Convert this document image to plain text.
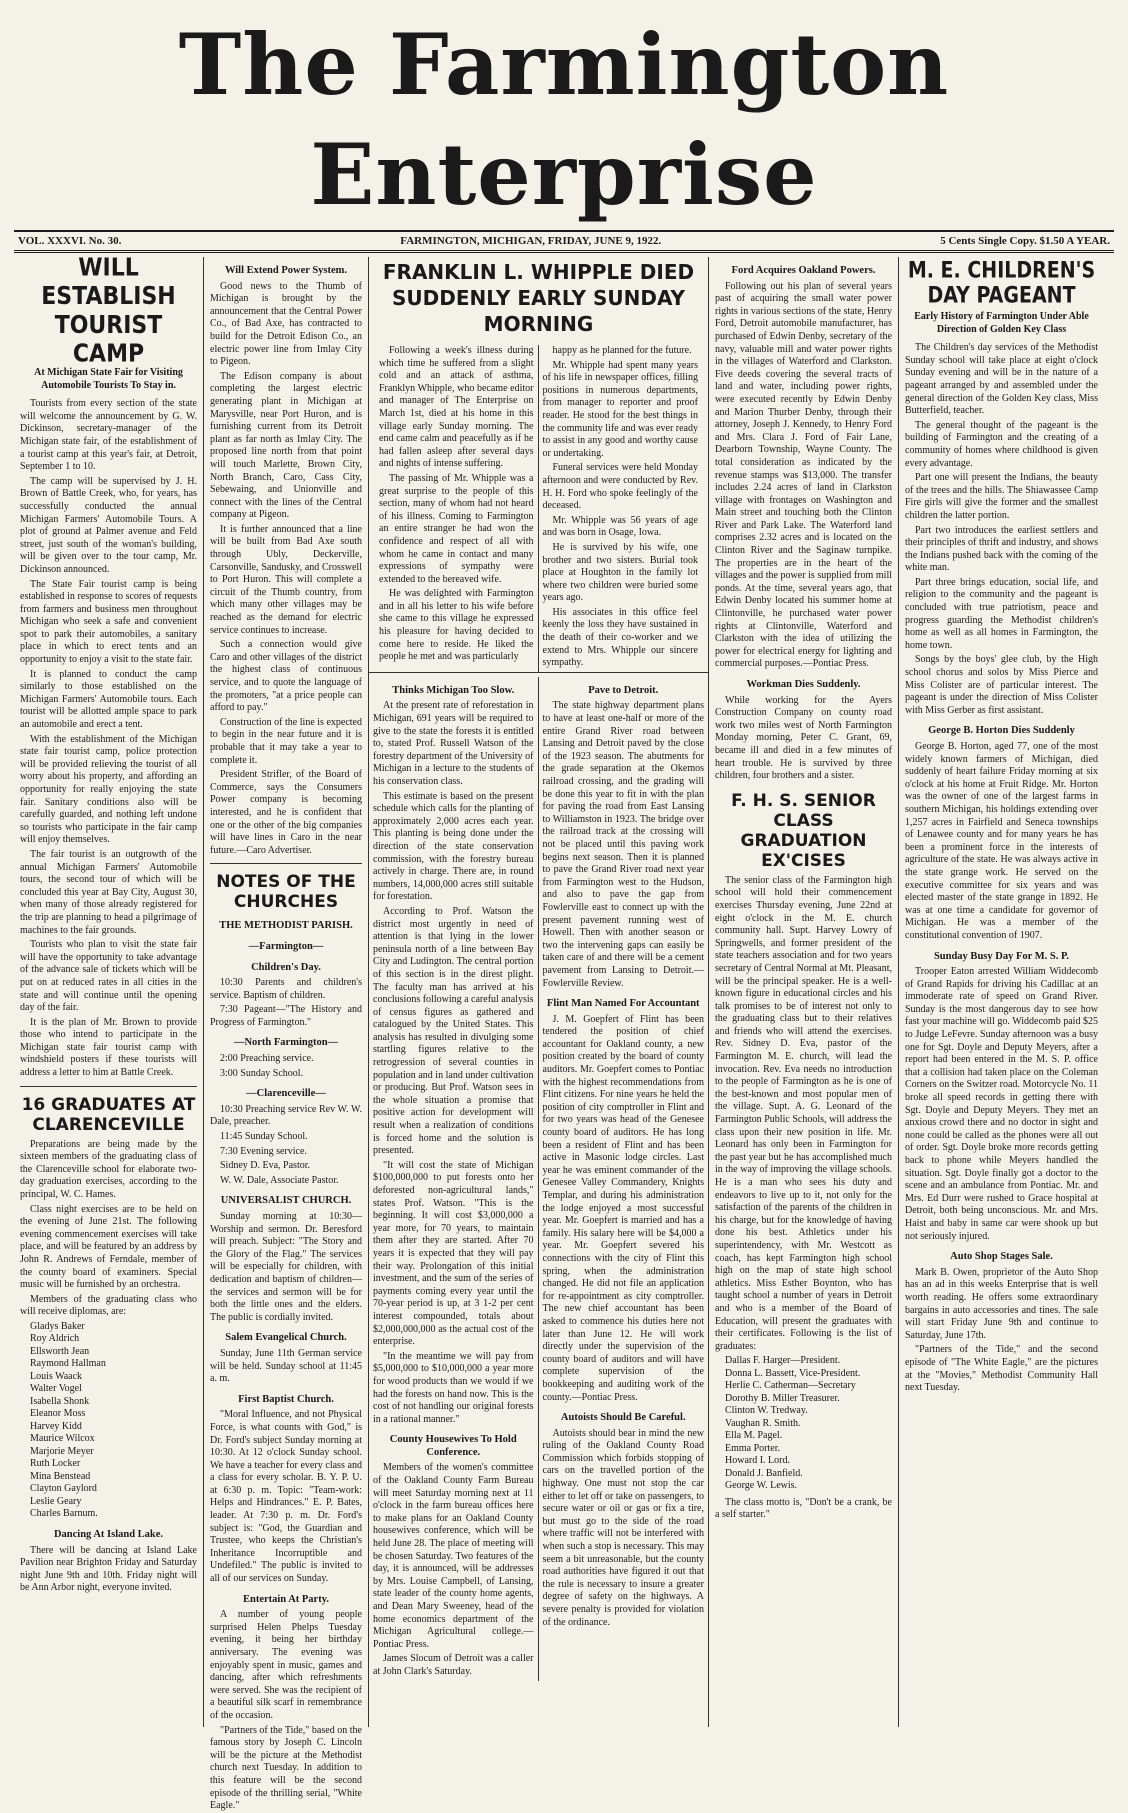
The Farmington Enterprise
VOL. XXXVI. No. 30.	FARMINGTON, MICHIGAN, FRIDAY, JUNE 9, 1922.	5 Cents Single Copy. $1.50 A YEAR.
WILL ESTABLISH TOURIST CAMP
At Michigan State Fair for Visiting Automobile Tourists To Stay in.

Tourists from every section of the state will welcome the announcement by G. W. Dickinson, secretary-manager of the Michigan state fair, of the establishment of a tourist camp at this year's fair, at Detroit, September 1 to 10.

The camp will be supervised by J. H. Brown of Battle Creek, who, for years, has successfully conducted the annual Michigan Farmers' Automobile Tours. A plot of ground at Palmer avenue and Feld street, just south of the woman's building, will be given over to the tour camp, Mr. Dickinson announced.

The State Fair tourist camp is being established in response to scores of requests from farmers and business men throughout Michigan who seek a safe and convenient spot to park their automobiles, a sanitary place in which to erect tents and an opportunity to enjoy a visit to the state fair.

It is planned to conduct the camp similarly to those established on the Michigan Farmers' Automobile tours. Each tourist will be allotted ample space to park an automobile and erect a tent.

With the establishment of the Michigan state fair tourist camp, police protection will be provided relieving the tourist of all worry about his property, and affording an opportunity for really enjoying the state fair. Sanitary conditions also will be carefully guarded, and nothing left undone so tourists who participate in the fair camp will enjoy themselves.

The fair tourist is an outgrowth of the annual Michigan Farmers' Automobile tours, the second tour of which will be concluded this year at Bay City, August 30, when many of those already registered for the trip are planning to head a pilgrimage of machines to the fair grounds.

Tourists who plan to visit the state fair will have the opportunity to take advantage of the advance sale of tickets which will be put on at reduced rates in all cities in the state and will continue until the opening day of the fair.

It is the plan of Mr. Brown to provide those who intend to participate in the Michigan state fair tourist camp with windshield posters if these tourists will address a letter to him at Battle Creek.

16 GRADUATES AT CLARENCEVILLE

Preparations are being made by the sixteen members of the graduating class of the Clarenceville school for elaborate two-day graduation exercises, according to the principal, W. C. Hames.

Class night exercises are to be held on the evening of June 21st. The following evening commencement exercises will take place, and will be featured by an address by John R. Andrews of Ferndale, member of the county board of examiners. Special music will be furnished by an orchestra.

Members of the graduating class who will receive diplomas, are:

Gladys Baker
Roy Aldrich
Ellsworth Jean
Raymond Hallman
Louis Waack
Walter Vogel
Isabella Shonk
Eleanor Moss
Harvey Kidd
Maurice Wilcox
Marjorie Meyer
Ruth Locker
Mina Benstead
Clayton Gaylord
Leslie Geary
Charles Barnum.
Dancing At Island Lake.

There will be dancing at Island Lake Pavilion near Brighton Friday and Saturday night June 9th and 10th. Friday night will be Ann Arbor night, everyone invited.

Will Extend Power System.

Good news to the Thumb of Michigan is brought by the announcement that the Central Power Co., of Bad Axe, has contracted to build for the Detroit Edison Co., an electric power line from Imlay City to Pigeon.

The Edison company is about completing the largest electric generating plant in Michigan at Marysville, near Port Huron, and is furnishing current from its Detroit plant as far north as Imlay City. The proposed line north from that point will touch Marlette, Brown City, North Branch, Caro, Cass City, Sebewaing, and Unionville and connect with the lines of the Central company at Pigeon.

It is further announced that a line will be built from Bad Axe south through Ubly, Deckerville, Carsonville, Sandusky, and Crosswell to Port Huron. This will complete a circuit of the Thumb country, from which many other villages may be reached as the demand for electric service continues to increase.

Such a connection would give Caro and other villages of the district the highest class of continuous service, and to quote the language of the promoters, "at a price people can afford to pay."

Construction of the line is expected to begin in the near future and it is probable that it may take a year to complete it.

President Strifler, of the Board of Commerce, says the Consumers Power company is becoming interested, and he is confident that one or the other of the big companies will have lines in Caro in the near future.—Caro Advertiser.

NOTES OF THE CHURCHES
THE METHODIST PARISH.
—Farmington—
Children's Day.

10:30 Parents and children's service. Baptism of children.

7:30 Pageant—"The History and Progress of Farmington."

—North Farmington—

2:00 Preaching service.

3:00 Sunday School.

—Clarenceville—

10:30 Preaching service Rev W. W. Dale, preacher.

11:45 Sunday School.

7:30 Evening service.

Sidney D. Eva, Pastor.

W. W. Dale, Associate Pastor.

UNIVERSALIST CHURCH.

Sunday morning at 10:30—Worship and sermon. Dr. Beresford will preach. Subject: "The Story and the Glory of the Flag." The services will be especially for children, with dedication and baptism of children—the services and sermon will be for both the little ones and the elders. The public is cordially invited.

Salem Evangelical Church.

Sunday, June 11th German service will be held. Sunday school at 11:45 a. m.

First Baptist Church.

"Moral Influence, and not Physical Force, is what counts with God," is Dr. Ford's subject Sunday morning at 10:30. At 12 o'clock Sunday school. We have a teacher for every class and a class for every scholar. B. Y. P. U. at 6:30 p. m. Topic: "Team-work: Helps and Hindrances." E. P. Bates, leader. At 7:30 p. m. Dr. Ford's subject is: "God, the Guardian and Trustee, who keeps the Christian's Inheritance Incorruptible and Undefiled." The public is invited to all of our services on Sunday.

Entertain At Party.

A number of young people surprised Helen Phelps Tuesday evening, it being her birthday anniversary. The evening was enjoyably spent in music, games and dancing, after which refreshments were served. She was the recipient of a beautiful silk scarf in remembrance of the occasion.

"Partners of the Tide," based on the famous story by Joseph C. Lincoln will be the picture at the Methodist church next Tuesday. In addition to this feature will be the second episode of the thrilling serial, "White Eagle."

FRANKLIN L. WHIPPLE DIED SUDDENLY EARLY SUNDAY MORNING

Following a week's illness during which time he suffered from a slight cold and an attack of asthma, Franklyn Whipple, who became editor and manager of The Enterprise on March 1st, died at his home in this village early Sunday morning. The end came calm and peacefully as if he had fallen asleep after several days and nights of intense suffering.

The passing of Mr. Whipple was a great surprise to the people of this section, many of whom had not heard of his illness. Coming to Farmington an entire stranger he had won the confidence and respect of all with whom he came in contact and many expressions of sympathy were extended to the bereaved wife.

He was delighted with Farmington and in all his letter to his wife before she came to this village he expressed his pleasure for having decided to come here to reside. He liked the people he met and was particularly

happy as he planned for the future.

Mr. Whipple had spent many years of his life in newspaper offices, filling positions in numerous departments, from manager to reporter and proof reader. He stood for the best things in the community life and was ever ready to assist in any good and worthy cause or undertaking.

Funeral services were held Monday afternoon and were conducted by Rev. H. H. Ford who spoke feelingly of the deceased.

Mr. Whipple was 56 years of age and was born in Osage, Iowa.

He is survived by his wife, one brother and two sisters. Burial took place at Houghton in the family lot where two children were buried some years ago.

His associates in this office feel keenly the loss they have sustained in the death of their co-worker and we extend to Mrs. Whipple our sincere sympathy.

Thinks Michigan Too Slow.

At the present rate of reforestation in Michigan, 691 years will be required to give to the state the forests it is entitled to, stated Prof. Russell Watson of the forestry department of the University of Michigan in a lecture to the students of his conservation class.

This estimate is based on the present schedule which calls for the planting of approximately 2,000 acres each year. This planting is being done under the direction of the state conservation commission, with the forestry bureau actively in charge. There are, in round numbers, 14,000,000 acres still suitable for forestation.

According to Prof. Watson the district most urgently in need of attention is that lying in the lower peninsula north of a line between Bay City and Ludington. The central portion of this section is in the direst plight. The faculty man has arrived at his conclusions following a careful analysis of census figures as gathered and catalogued by the United States. This analysis has resulted in divulging some startling figures relative to the retrogression of several counties in population and in land under cultivation or producing. But Prof. Watson sees in the whole situation a promise that positive action for development will result when a realization of conditions is forced home and the solution is presented.

"It will cost the state of Michigan $100,000,000 to put forests onto her deforested non-agricultural lands," states Prof. Watson. "This is the beginning. It will cost $3,000,000 a year more, for 70 years, to maintain them after they are started. After 70 years it is expected that they will pay their way. Prolongation of this initial investment, and the sum of the series of payments coming every year until the 70-year period is up, at 3 1-2 per cent interest compounded, totals about $2,000,000,000 as the actual cost of the enterprise.

"In the meantime we will pay from $5,000,000 to $10,000,000 a year more for wood products than we would if we had the forests on hand now. This is the cost of not handling our original forests in a rational manner."

County Housewives To Hold Conference.

Members of the women's committee of the Oakland County Farm Bureau will meet Saturday morning next at 11 o'clock in the farm bureau offices here to make plans for an Oakland County housewives conference, which will be held June 28. The place of meeting will be chosen Saturday. Two features of the day, it is announced, will be addresses by Mrs. Louise Campbell, of Lansing, state leader of the county home agents, and Dean Mary Sweeney, head of the home economics department of the Michigan Agricultural college.—Pontiac Press.

James Slocum of Detroit was a caller at John Clark's Saturday.

Pave to Detroit.

The state highway department plans to have at least one-half or more of the entire Grand River road between Lansing and Detroit paved by the close of the 1923 season. The abutments for the grade separation at the Okemos railroad crossing, and the grading will be done this year to fit in with the plan for paving the road from East Lansing to Williamston in 1923. The bridge over the railroad track at the crossing will not be placed until this paving work begins next season. Then it is planned to pave the Grand River road next year from Farmington west to the Hudson, and also to pave the gap from Fowlerville east to connect up with the present pavement running west of Howell. Then with another season or two the intervening gaps can easily be taken care of and there will be a cement pavement from Lansing to Detroit.—Fowlerville Review.

Flint Man Named For Accountant

J. M. Goepfert of Flint has been tendered the position of chief accountant for Oakland county, a new position created by the board of county auditors. Mr. Goepfert comes to Pontiac with the highest recommendations from Flint citizens. For nine years he held the position of city comptroller in Flint and for two years was head of the Genesee county board of auditors. He has long been a resident of Flint and has been active in Masonic lodge circles. Last year he was eminent commander of the Genesee Valley Commandery, Knights Templar, and during his administration the lodge enjoyed a most successful year. Mr. Goepfert is married and has a family. His salary here will be $4,000 a year. Mr. Goepfert severed his connections with the city of Flint this spring, when the administration changed. He did not file an application for re-appointment as city comptroller. The new chief accountant has been asked to commence his duties here not later than June 12. He will work directly under the supervision of the county board of auditors and will have complete supervision of the bookkeeping and auditing work of the county.—Pontiac Press.

Autoists Should Be Careful.

Autoists should bear in mind the new ruling of the Oakland County Road Commission which forbids stopping of cars on the travelled portion of the highway. One must not stop the car either to let off or take on passengers, to secure water or oil or gas or fix a tire, but must go to the side of the road where traffic will not be interfered with when such a stop is necessary. This may seem a bit unreasonable, but the county road authorities have figured it out that the rule is necessary to insure a greater degree of safety on the highways. A severe penalty is provided for violation of the ordinance.

Ford Acquires Oakland Powers.

Following out his plan of several years past of acquiring the small water power rights in various sections of the state, Henry Ford, Detroit automobile manufacturer, has purchased of Edwin Denby, secretary of the navy, valuable mill and water power rights in the villages of Waterford and Clarkston. Five deeds covering the several tracts of land and water, including power rights, were executed recently by Edwin Denby and Marion Thurber Denby, through their attorney, Joseph J. Kennedy, to Henry Ford and Mrs. Clara J. Ford of Fair Lane, Dearborn Township, Wayne County. The total consideration as indicated by the revenue stamps was $13,000. The transfer includes 2.24 acres of land in Clarkston village with frontages on Washington and Main street and touching both the Clinton River and Park Lake. The Waterford land comprises 2.32 acres and is located on the Clinton River and the Saginaw turnpike. The properties are in the heart of the villages and the power is supplied from mill ponds. At the time, several years ago, that Edwin Denby located his summer home at Clintonville, he purchased water power rights at Clintonville, Waterford and Clarkston with the idea of utilizing the power for electrical energy for lighting and commercial purposes.—Pontiac Press.

Workman Dies Suddenly.

While working for the Ayers Construction Company on county road work two miles west of North Farmington Monday morning, Peter C. Grant, 69, became ill and died in a few minutes of heart trouble. He is survived by three children, four brothers and a sister.

F. H. S. SENIOR CLASS GRADUATION EX'CISES

The senior class of the Farmington high school will hold their commencement exercises Thursday evening, June 22nd at eight o'clock in the M. E. church community hall. Supt. Harvey Lowry of Springwells, and former president of the state teachers association and for two years secretary of Central Normal at Mt. Pleasant, will be the principal speaker. He is a well-known figure in educational circles and his talk promises to be of interest not only to the graduating class but to their relatives and friends who will attend the exercises. Rev. Sidney D. Eva, pastor of the Farmington M. E. church, will lead the invocation. Rev. Eva needs no introduction to the people of Farmington as he is one of the best-known and most popular men of the village. Supt. A. G. Leonard of the Farmington Public Schools, will address the class upon their new position in life. Mr. Leonard has only been in Farmington for the past year but he has accomplished much in the way of improving the village schools. He is a man who sees his duty and endeavors to live up to it, not only for the satisfaction of the parents of the children in his charge, but for the knowledge of having done his best. Athletics under his superintendency, with Mr. Westcott as coach, has kept Farmington high school high on the map of state high school athletics. Miss Esther Boynton, who has taught school a number of years in Detroit and who is a member of the Board of Education, will present the graduates with their certificates. Following is the list of graduates:

Dallas F. Harger—President.
Donna L. Bassett, Vice-President.
Herlie C. Catherman—Secretary
Dorothy B. Miller Treasurer.
Clinton W. Tredway.
Vaughan R. Smith.
Ella M. Pagel.
Emma Porter.
Howard I. Lord.
Donald J. Banfield.
George W. Lewis.

The class motto is, "Don't be a crank, be a self starter."

M. E. CHILDREN'S DAY PAGEANT
Early History of Farmington Under Able Direction of Golden Key Class

The Children's day services of the Methodist Sunday school will take place at eight o'clock Sunday evening and will be in the nature of a pageant arranged by and assembled under the general direction of the Golden Key class, Miss Butterfield, teacher.

The general thought of the pageant is the building of Farmington and the creating of a community of homes where childhood is given every advantage.

Part one will present the Indians, the beauty of the trees and the hills. The Shiawassee Camp Fire girls will give the former and the smallest children the latter portion.

Part two introduces the earliest settlers and their principles of thrift and industry, and shows the Indians pushed back with the coming of the white man.

Part three brings education, social life, and religion to the community and the pageant is concluded with true patriotism, peace and progress guarding the Methodist children's home as well as all homes in Farmington, the home town.

Songs by the boys' glee club, by the High school chorus and solos by Miss Pierce and Miss Colister are of particular interest. The pageant is under the direction of Miss Colister with Miss Gerber as first assistant.

George B. Horton Dies Suddenly

George B. Horton, aged 77, one of the most widely known farmers of Michigan, died suddenly of heart failure Friday morning at six o'clock at his home at Fruit Ridge. Mr. Horton was the owner of one of the largest farms in southern Michigan, his holdings extending over 1,257 acres in Fairfield and Seneca townships of Lenawee county and for many years he has been a prominent force in the interests of agriculture of the state. He was always active in the state grange work. He served on the executive committee for six years and was elected master of the state grange in 1892. He was at one time a candidate for governor of Michigan. He was a member of the constitutional convention of 1907.

Sunday Busy Day For M. S. P.

Trooper Eaton arrested William Widdecomb of Grand Rapids for driving his Cadillac at an immoderate rate of speed on Grand River. Sunday is the most dangerous day to see how fast your machine will go. Widdecomb paid $25 to Judge LeFevre. Sunday afternoon was a busy one for Sgt. Doyle and Deputy Meyers, after a report had been entered in the M. S. P. office that a collision had taken place on the Coleman Corners on the Switzer road. Motorcycle No. 11 broke all speed records in getting there with Sgt. Doyle and Deputy Meyers. They met an anxious crowd there and no doctor in sight and none could be called as the phones were all out of order. Sgt. Doyle broke more records getting back to phone while Meyers handled the situation. Sgt. Doyle finally got a doctor to the scene and an ambulance from Pontiac. Mr. and Mrs. Ed Durr were rushed to Grace hospital at Detroit, both being unconscious. Mr. and Mrs. Haist and baby in same car were shook up but not seriously injured.

Auto Shop Stages Sale.

Mark B. Owen, proprietor of the Auto Shop has an ad in this weeks Enterprise that is well worth reading. He offers some extraordinary bargains in auto accessories and tines. The sale will start Friday June 9th and continue to Saturday, June 17th.

"Partners of the Tide," and the second episode of "The White Eagle," are the pictures at the "Movies," Methodist Community Hall next Tuesday.
